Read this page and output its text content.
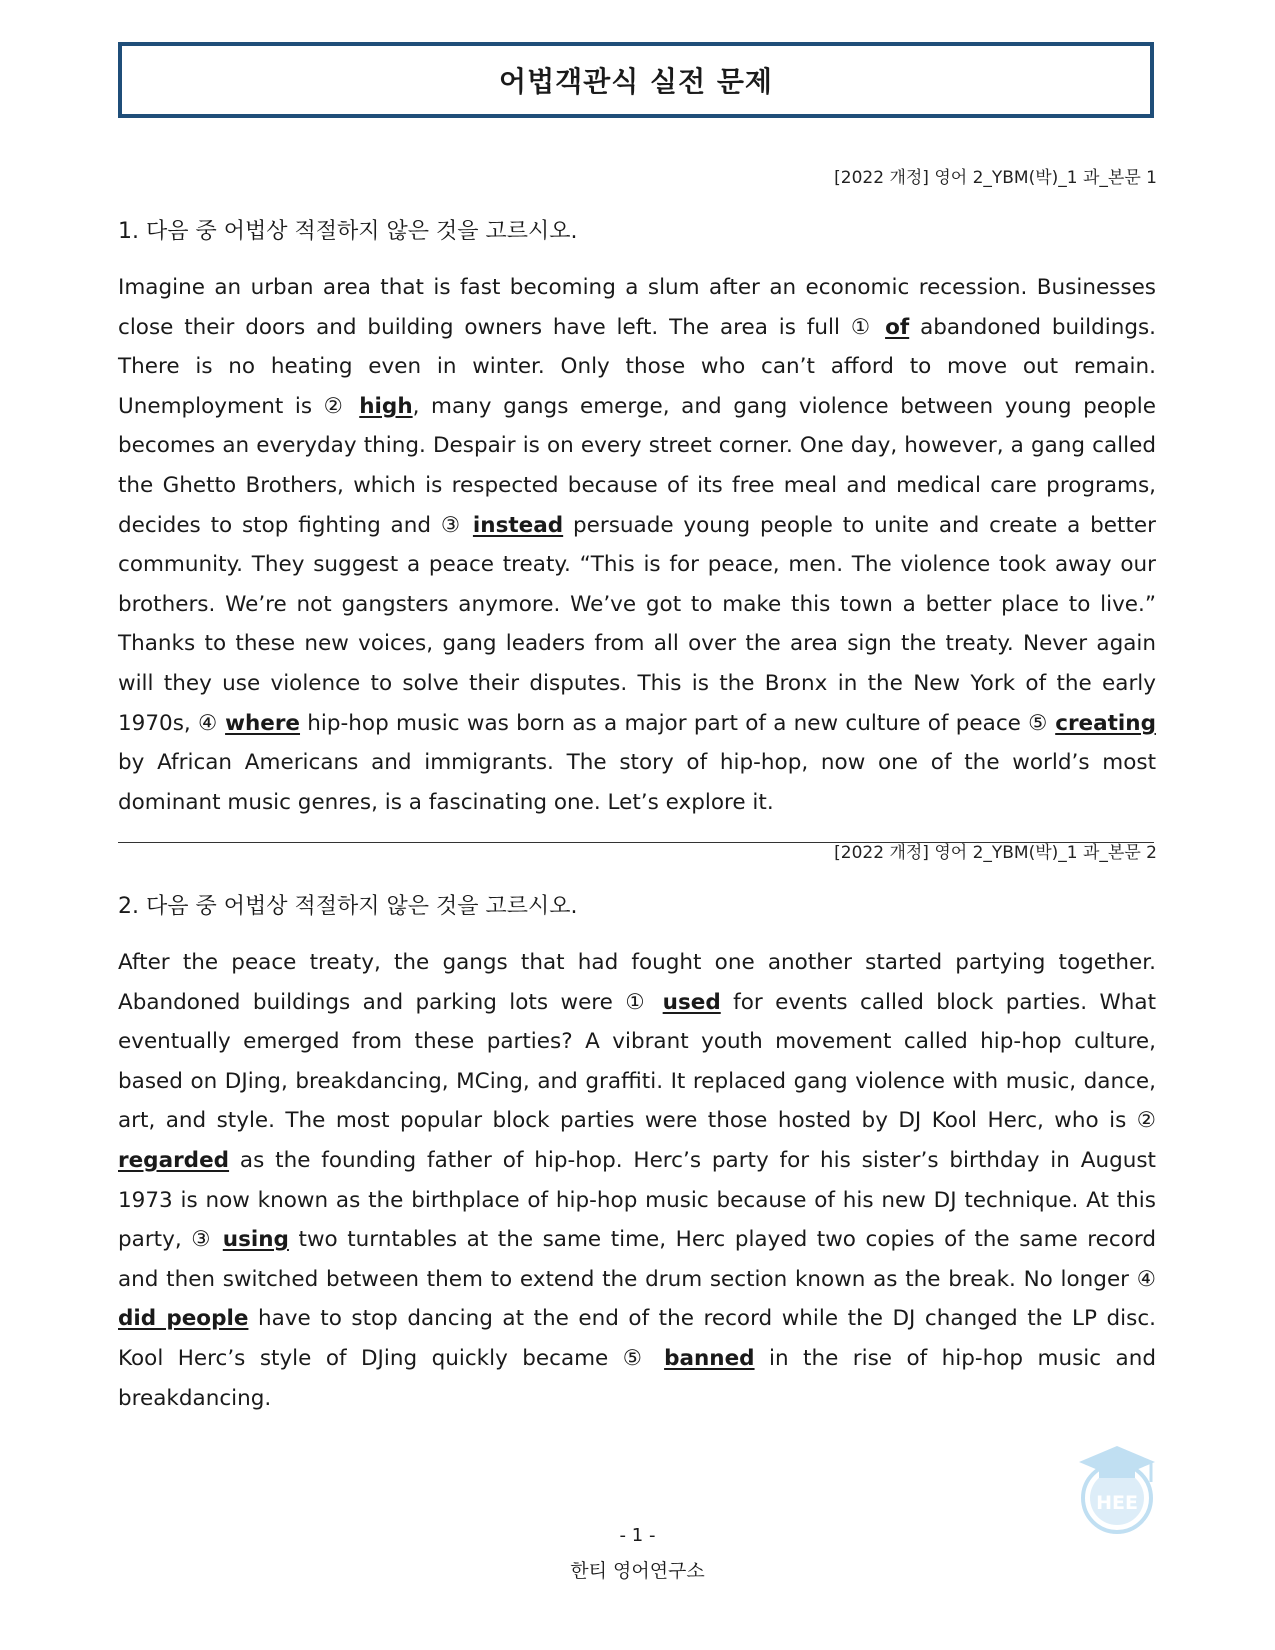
어법객관식 실전 문제
[2022 개정] 영어 2_YBM(박)_1 과_본문 1
1. 다음 중 어법상 적절하지 않은 것을 고르시오.

Imagine an urban area that is fast becoming a slum after an economic recession. Businesses close their doors and building owners have left. The area is full ① of abandoned buildings. There is no heating even in winter. Only those who can’t afford to move out remain. Unemployment is ② high, many gangs emerge, and gang violence between young people becomes an everyday thing. Despair is on every street corner. One day, however, a gang called the Ghetto Brothers, which is respected because of its free meal and medical care programs, decides to stop fighting and ③ instead persuade young people to unite and create a better community. They suggest a peace treaty. “This is for peace, men. The violence took away our brothers. We’re not gangsters anymore. We’ve got to make this town a better place to live.” Thanks to these new voices, gang leaders from all over the area sign the treaty. Never again will they use violence to solve their disputes. This is the Bronx in the New York of the early 1970s, ④ where hip-hop music was born as a major part of a new culture of peace ⑤ creating by African Americans and immigrants. The story of hip-hop, now one of the world’s most dominant music genres, is a fascinating one. Let’s explore it.

[2022 개정] 영어 2_YBM(박)_1 과_본문 2
2. 다음 중 어법상 적절하지 않은 것을 고르시오.

After the peace treaty, the gangs that had fought one another started partying together. Abandoned buildings and parking lots were ① used for events called block parties. What eventually emerged from these parties? A vibrant youth movement called hip-hop culture, based on DJing, breakdancing, MCing, and graffiti. It replaced gang violence with music, dance, art, and style. The most popular block parties were those hosted by DJ Kool Herc, who is ② regarded as the founding father of hip-hop. Herc’s party for his sister’s birthday in August 1973 is now known as the birthplace of hip-hop music because of his new DJ technique. At this party, ③ using two turntables at the same time, Herc played two copies of the same record and then switched between them to extend the drum section known as the break. No longer ④ did people have to stop dancing at the end of the record while the DJ changed the LP disc. Kool Herc’s style of DJing quickly became ⑤ banned in the rise of hip-hop music and breakdancing.

HEE
- 1 -
한티 영어연구소
